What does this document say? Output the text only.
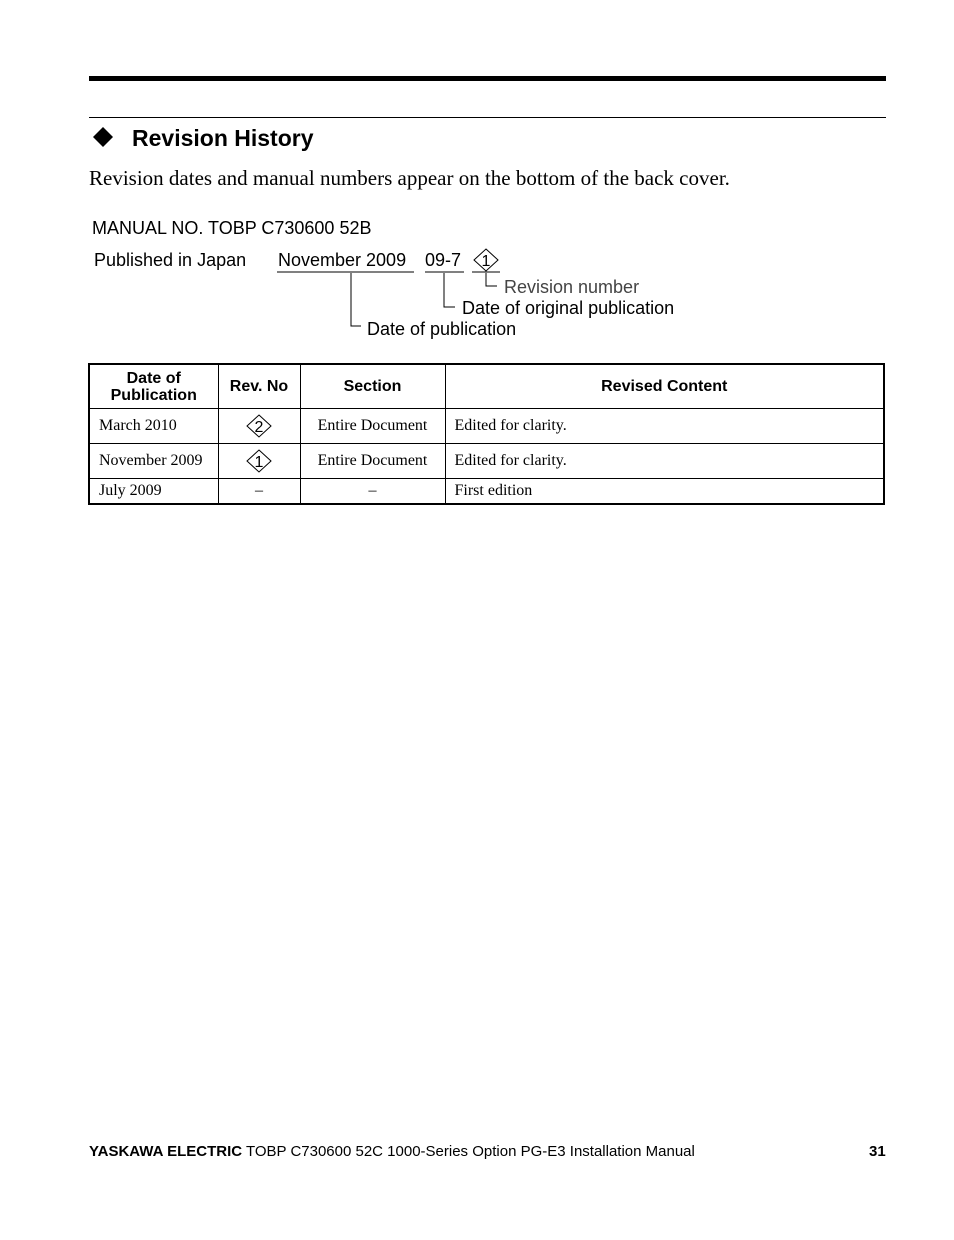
Revision History
Revision dates and manual numbers appear on the bottom of the back cover.
MANUAL NO. TOBP C730600 52B
Published in Japan November 2009 09-7 1
Revision number
Date of original publication
Date of publication
Date of
Publication	Rev. No	Section	Revised Content
March 2010	2	Entire Document	Edited for clarity.
November 2009	1	Entire Document	Edited for clarity.
July 2009	–	–	First edition
YASKAWA ELECTRIC TOBP C730600 52C 1000-Series Option PG-E3 Installation Manual	31
